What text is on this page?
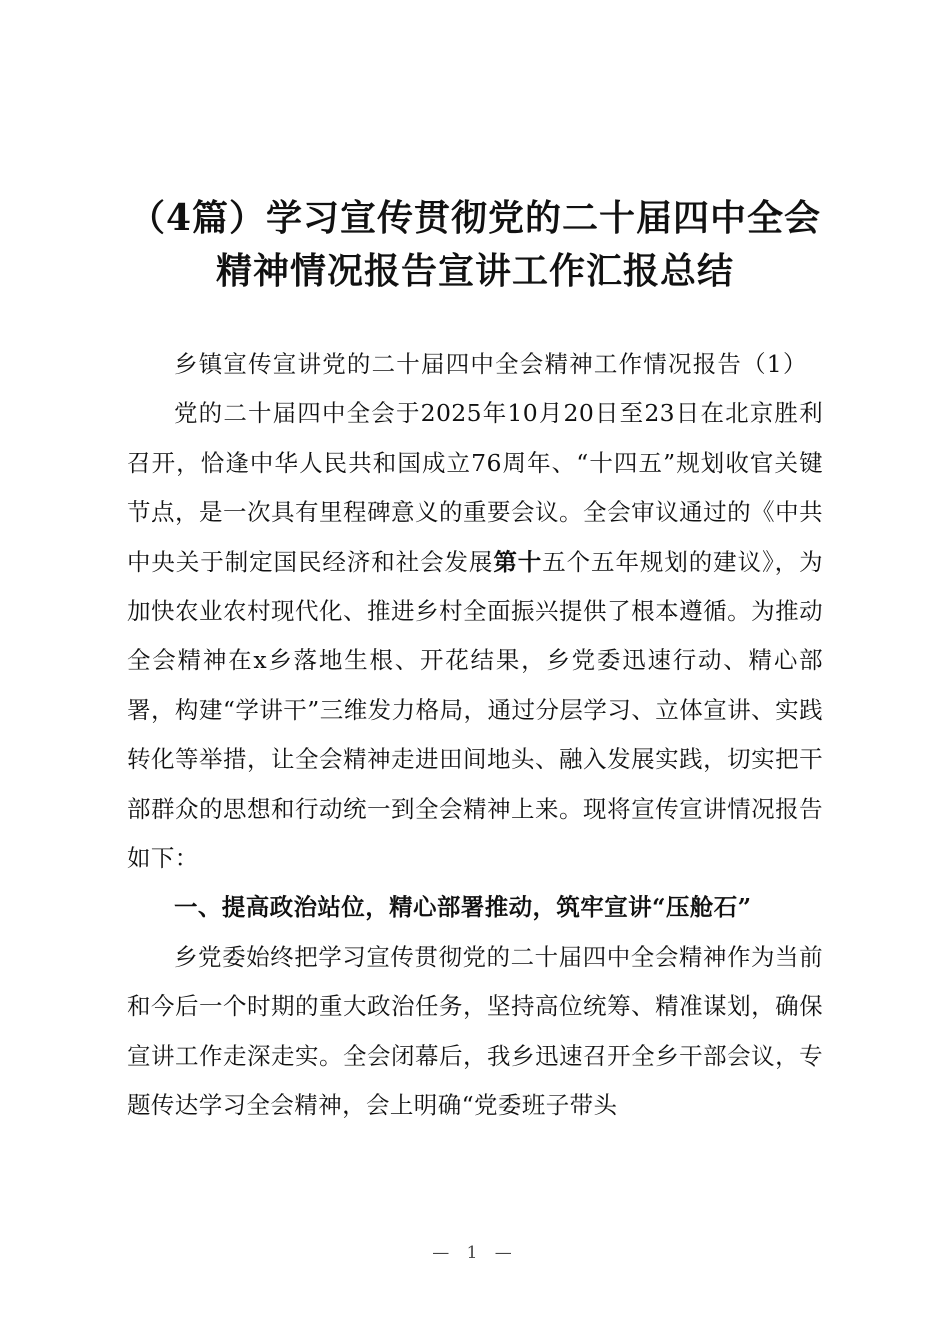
（4篇）学习宣传贯彻党的二十届四中全会
精神情况报告宣讲工作汇报总结

乡镇宣传宣讲党的二十届四中全会精神工作情况报告（1）

党的二十届四中全会于2025年10月20日至23日在北京胜利召开，恰逢中华人民共和国成立76周年、“十四五”规划收官关键节点，是一次具有里程碑意义的重要会议。全会审议通过的《中共中央关于制定国民经济和社会发展第十五个五年规划的建议》，为加快农业农村现代化、推进乡村全面振兴提供了根本遵循。为推动全会精神在x乡落地生根、开花结果，乡党委迅速行动、精心部署，构建“学讲干”三维发力格局，通过分层学习、立体宣讲、实践转化等举措，让全会精神走进田间地头、融入发展实践，切实把干部群众的思想和行动统一到全会精神上来。现将宣传宣讲情况报告如下：

一、提高政治站位，精心部署推动，筑牢宣讲“压舱石”

乡党委始终把学习宣传贯彻党的二十届四中全会精神作为当前和今后一个时期的重大政治任务，坚持高位统筹、精准谋划，确保宣讲工作走深走实。全会闭幕后，我乡迅速召开全乡干部会议，专题传达学习全会精神，会上明确“党委班子带头

— 1 —
